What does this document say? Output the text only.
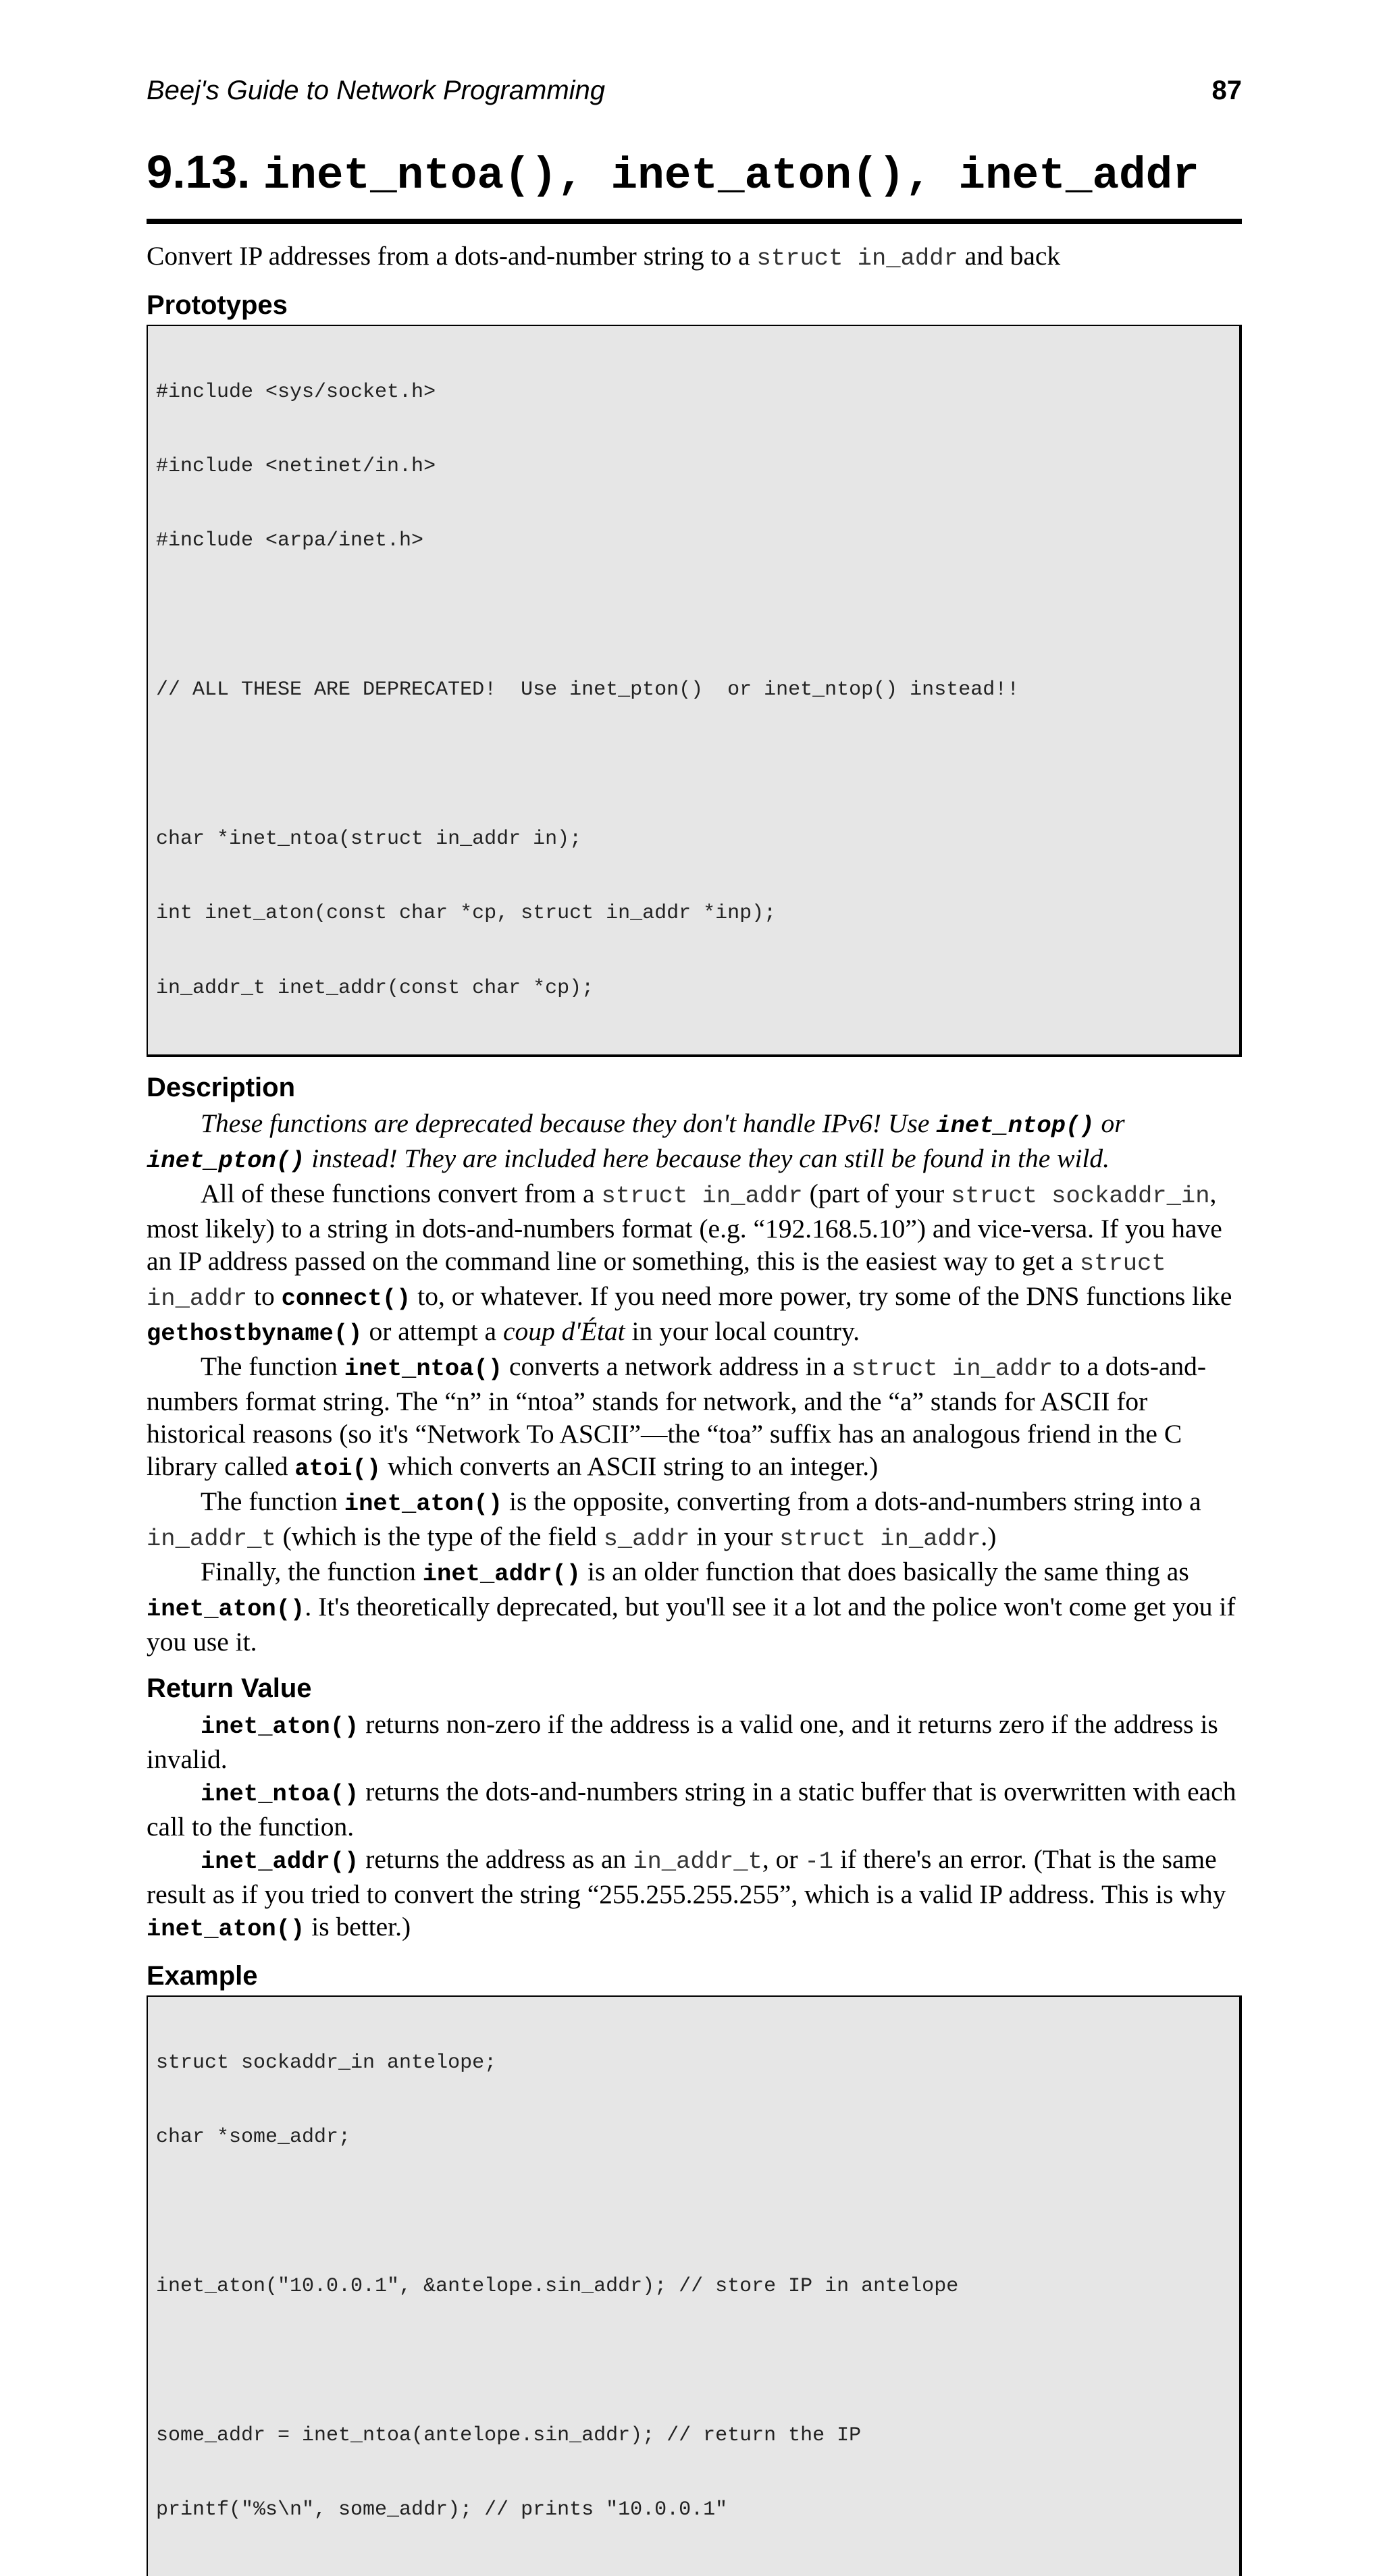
Beej's Guide to Network Programming	87
9.13. inet_ntoa(), inet_aton(), inet_addr

Convert IP addresses from a dots-and-number string to a struct in_addr and back

Prototypes

#include <sys/socket.h>

#include <netinet/in.h>

#include <arpa/inet.h>

// ALL THESE ARE DEPRECATED!  Use inet_pton()  or inet_ntop() instead!!

char *inet_ntoa(struct in_addr in);

int inet_aton(const char *cp, struct in_addr *inp);

in_addr_t inet_addr(const char *cp);

Description

These functions are deprecated because they don't handle IPv6! Use inet_ntop() or inet_pton() instead! They are included here because they can still be found in the wild.

All of these functions convert from a struct in_addr (part of your struct sockaddr_in, most likely) to a string in dots-and-numbers format (e.g. “192.168.5.10”) and vice-versa. If you have an IP address passed on the command line or something, this is the easiest way to get a struct in_addr to connect() to, or whatever. If you need more power, try some of the DNS functions like gethostbyname() or attempt a coup d'État in your local country.

The function inet_ntoa() converts a network address in a struct in_addr to a dots-and-numbers format string. The “n” in “ntoa” stands for network, and the “a” stands for ASCII for historical reasons (so it's “Network To ASCII”—the “toa” suffix has an analogous friend in the C library called atoi() which converts an ASCII string to an integer.)

The function inet_aton() is the opposite, converting from a dots-and-numbers string into a in_addr_t (which is the type of the field s_addr in your struct in_addr.)

Finally, the function inet_addr() is an older function that does basically the same thing as inet_aton(). It's theoretically deprecated, but you'll see it a lot and the police won't come get you if you use it.

Return Value

inet_aton() returns non-zero if the address is a valid one, and it returns zero if the address is invalid.

inet_ntoa() returns the dots-and-numbers string in a static buffer that is overwritten with each call to the function.

inet_addr() returns the address as an in_addr_t, or -1 if there's an error. (That is the same result as if you tried to convert the string “255.255.255.255”, which is a valid IP address. This is why inet_aton() is better.)

Example

struct sockaddr_in antelope;

char *some_addr;

inet_aton("10.0.0.1", &antelope.sin_addr); // store IP in antelope

some_addr = inet_ntoa(antelope.sin_addr); // return the IP

printf("%s\n", some_addr); // prints "10.0.0.1"
